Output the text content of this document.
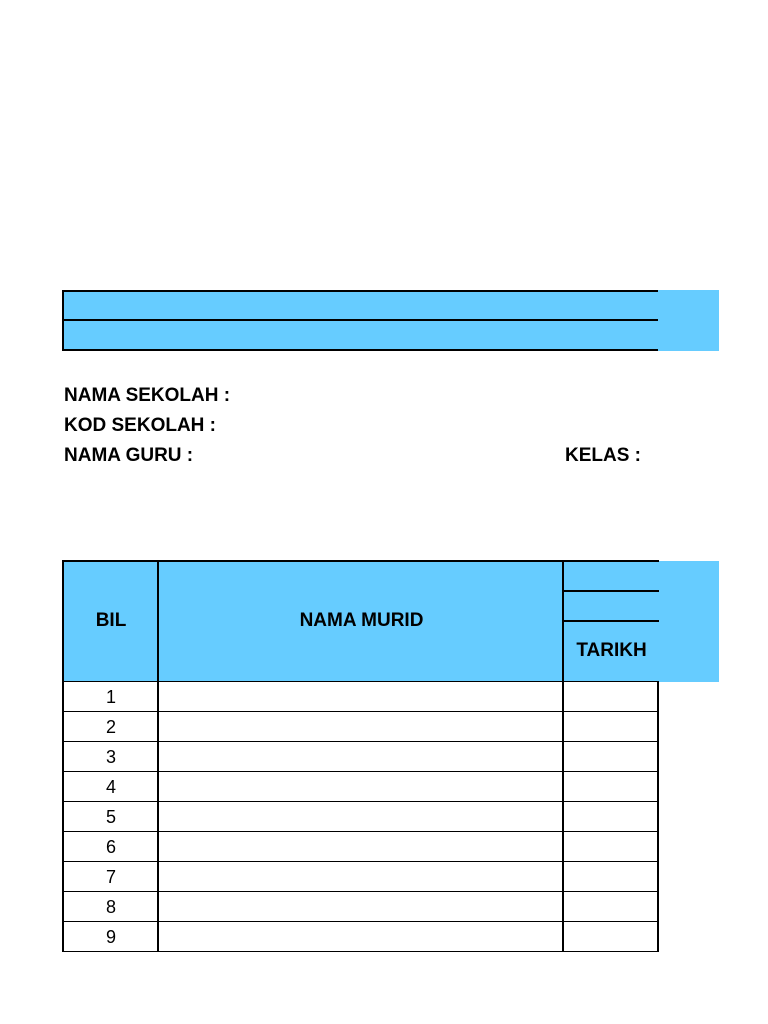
NAMA SEKOLAH :
KOD SEKOLAH :
NAMA GURU :	KELAS :
BIL	NAMA MURID
TARIKH
1
2
3
4
5
6
7
8
9
